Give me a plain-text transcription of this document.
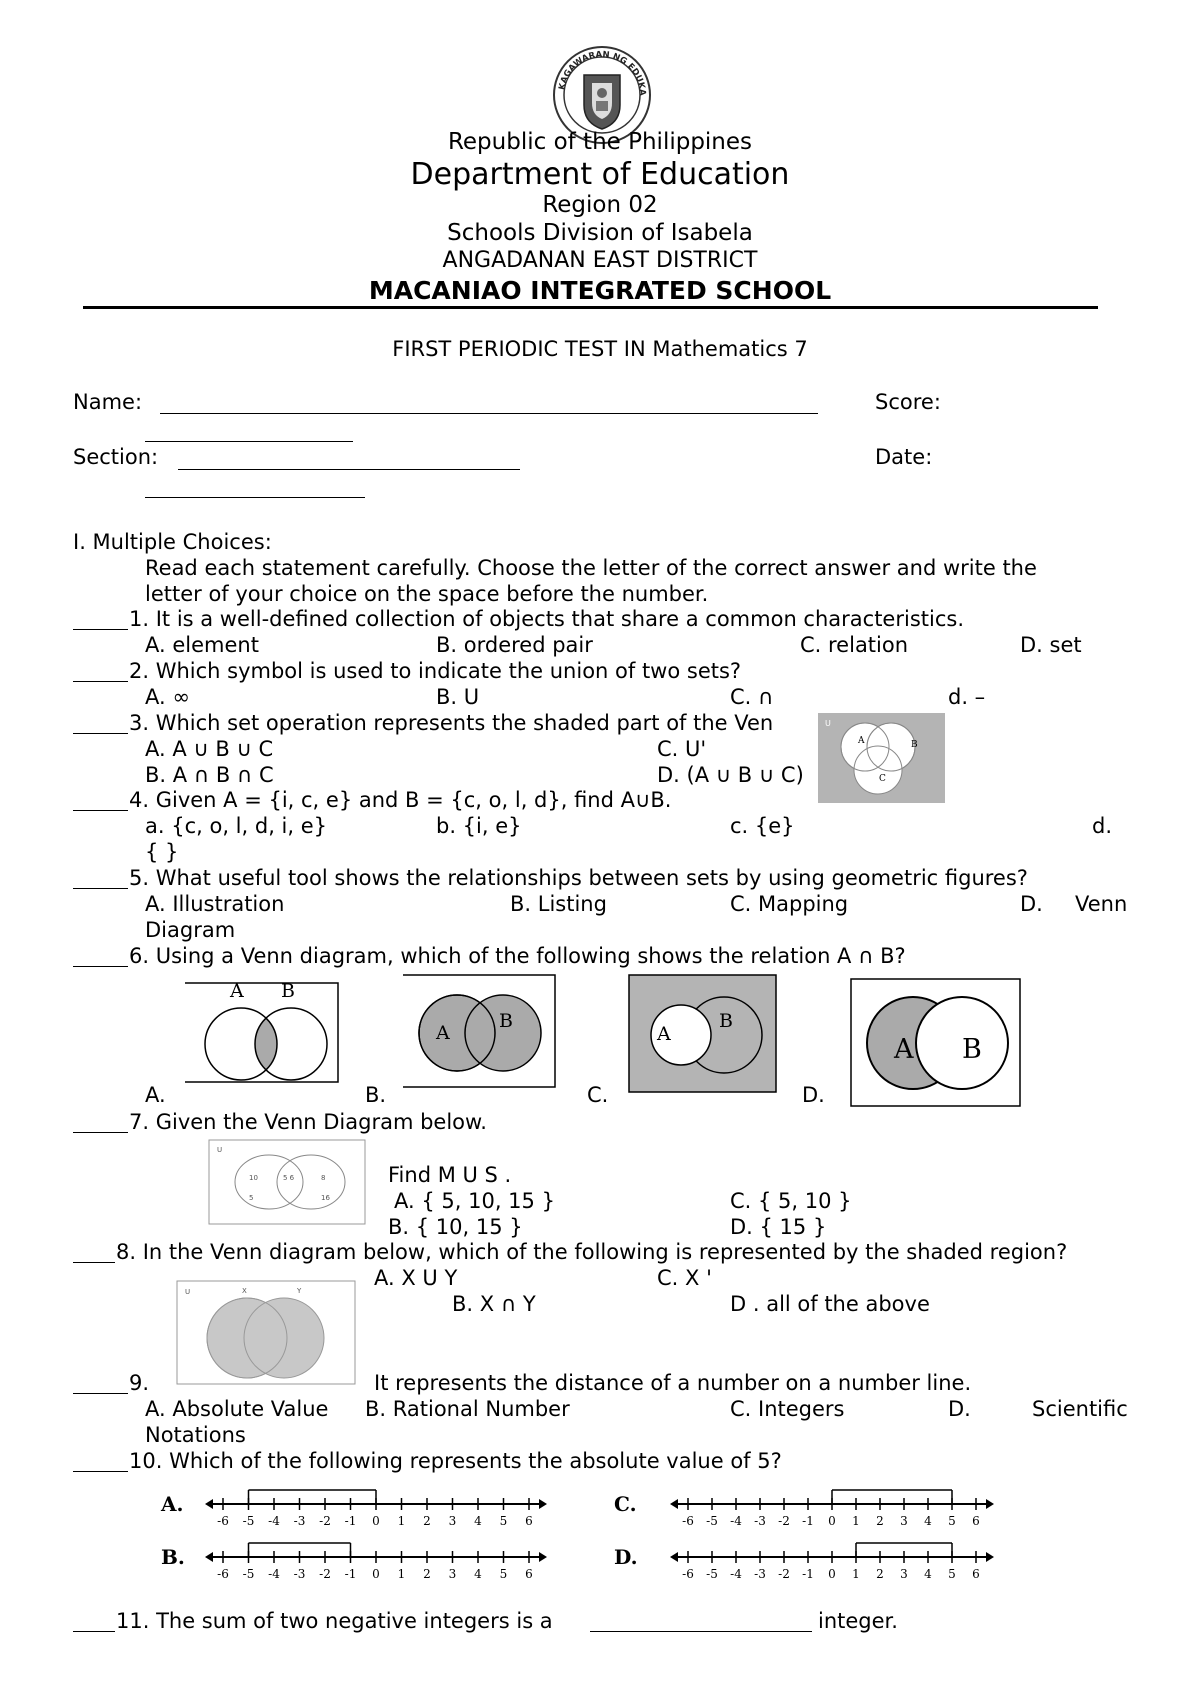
KAGAWARAN NG EDUKASYON
Republic of the Philippines
Department of Education
Region 02
Schools Division of Isabela
ANGADANAN EAST DISTRICT
MACANIAO INTEGRATED SCHOOL
FIRST PERIODIC TEST IN Mathematics 7
Name:	Score:
Section:	Date:
I. Multiple Choices:
Read each statement carefully. Choose the letter of the correct answer and write the
letter of your choice on the space before the number.
1. It is a well-defined collection of objects that share a common characteristics.
A. element	B. ordered pair	C. relation	D. set
2. Which symbol is used to indicate the union of two sets?
A. ∞	B. U	C. ∩	d. –
3. Which set operation represents the shaded part of the Ven
A. A ∪ B ∪ C	C. U'
B. A ∩ B ∩ C	D. (A ∪ B ∪ C)
A	B
C
U
4. Given A = {i, c, e} and B = {c, o, l, d}, find A∪B.
a. {c, o, l, d, i, e}	b. {i, e}	c. {e}	d.
{ }
5. What useful tool shows the relationships between sets by using geometric figures?
A. Illustration	B. Listing	C. Mapping	D. Venn
Diagram
6. Using a Venn diagram, which of the following shows the relation A ∩ B?
A B
A.
A
B
B.
A
B
C.
A B
D.
7. Given the Venn Diagram below.
U
10	5 6	8
5	16
Find M U S .
A. { 5, 10, 15 }	C. { 5, 10 }
B. { 10, 15 }	D. { 15 }
8. In the Venn diagram below, which of the following is represented by the shaded region?
A. X U Y	C. X '
B. X ∩ Y	D . all of the above
U	X	Y
9.	It represents the distance of a number on a number line.
A. Absolute Value B. Rational Number	C. Integers	D.	Scientific
Notations
10. Which of the following represents the absolute value of 5?
A.
B.
C.
D.
-6 -5 -4 -3 -2 -1 0 1 2 3 4 5 6
-6 -5 -4 -3 -2 -1 0 1 2 3 4 5 6
-6 -5 -4 -3 -2 -1 0 1 2 3 4 5 6
-6 -5 -4 -3 -2 -1 0 1 2 3 4 5 6
11. The sum of two negative integers is a	integer.
